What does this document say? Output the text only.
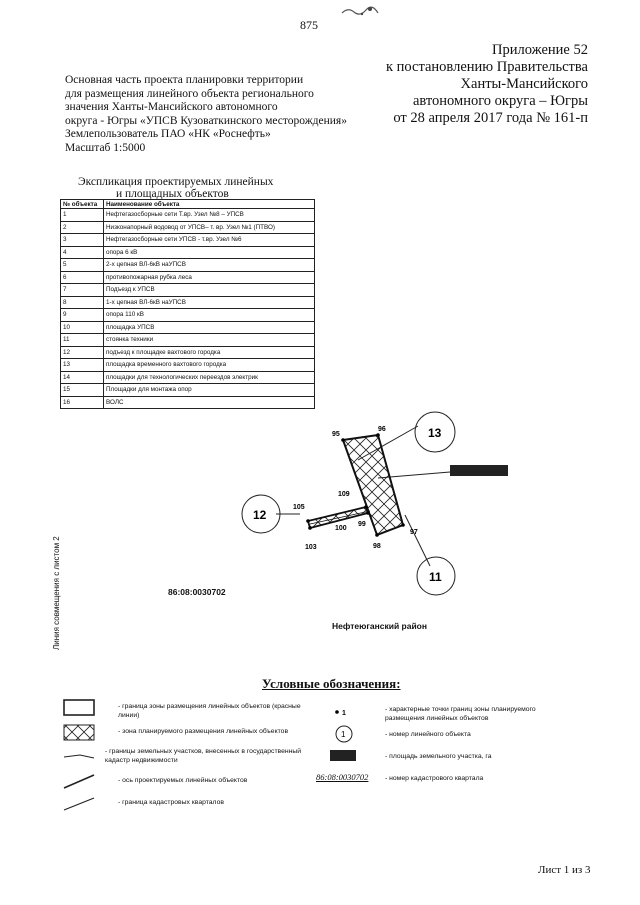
875
Приложение 52
к постановлению Правительства
Ханты-Мансийского
автономного округа – Югры
от 28 апреля 2017 года № 161-п
Основная часть проекта планировки территории
для размещения линейного объекта регионального
значения Ханты-Мансийского автономного
округа - Югры «УПСВ Кузоваткинского месторождения»
Землепользователь ПАО «НК «Роснефть»
Масштаб 1:5000
Экспликация проектируемых линейных
и площадных объектов
№ объекта	Наименование объекта
1	Нефтегазосборные сети Т.вр. Узел №8 – УПСВ
2	Низконапорный водовод от УПСВ– т. вр. Узел №1 (ПТВО)
3	Нефтегазосборные сети УПСВ - т.вр. Узел №6
4	опора 6 кВ
5	2-х цепная ВЛ-6кВ наУПСВ
6	противопожарная рубка леса
7	Подъезд к УПСВ
8	1-х цепная ВЛ-6кВ наУПСВ
9	опора 110 кВ
10	площадка УПСВ
11	стоянка техники
12	подъезд к площадке вахтового городка
13	площадка временного вахтового городка
14	площадки для технологических переездов электрик
15	Площадки для монтажа опор
16	ВОЛС
13
12
11
95
96
109
105
100
99
97
103	98
1
1
Линия совмещения с листом 2	86:08:0030702
Нефтеюганский район
Условные обозначения:
- граница зоны размещения линейных объектов (красные линии)
- зона планируемого размещения линейных объектов
- границы земельных участков, внесенных в государственный кадастр недвижимости
- ось проектируемых линейных объектов
- граница кадастровых кварталов
- характерные точки границ зоны планируемого размещения линейных объектов
- номер линейного объекта
- площадь земельного участка, га
86:08:0030702 - номер кадастрового квартала
Лист 1 из 3
